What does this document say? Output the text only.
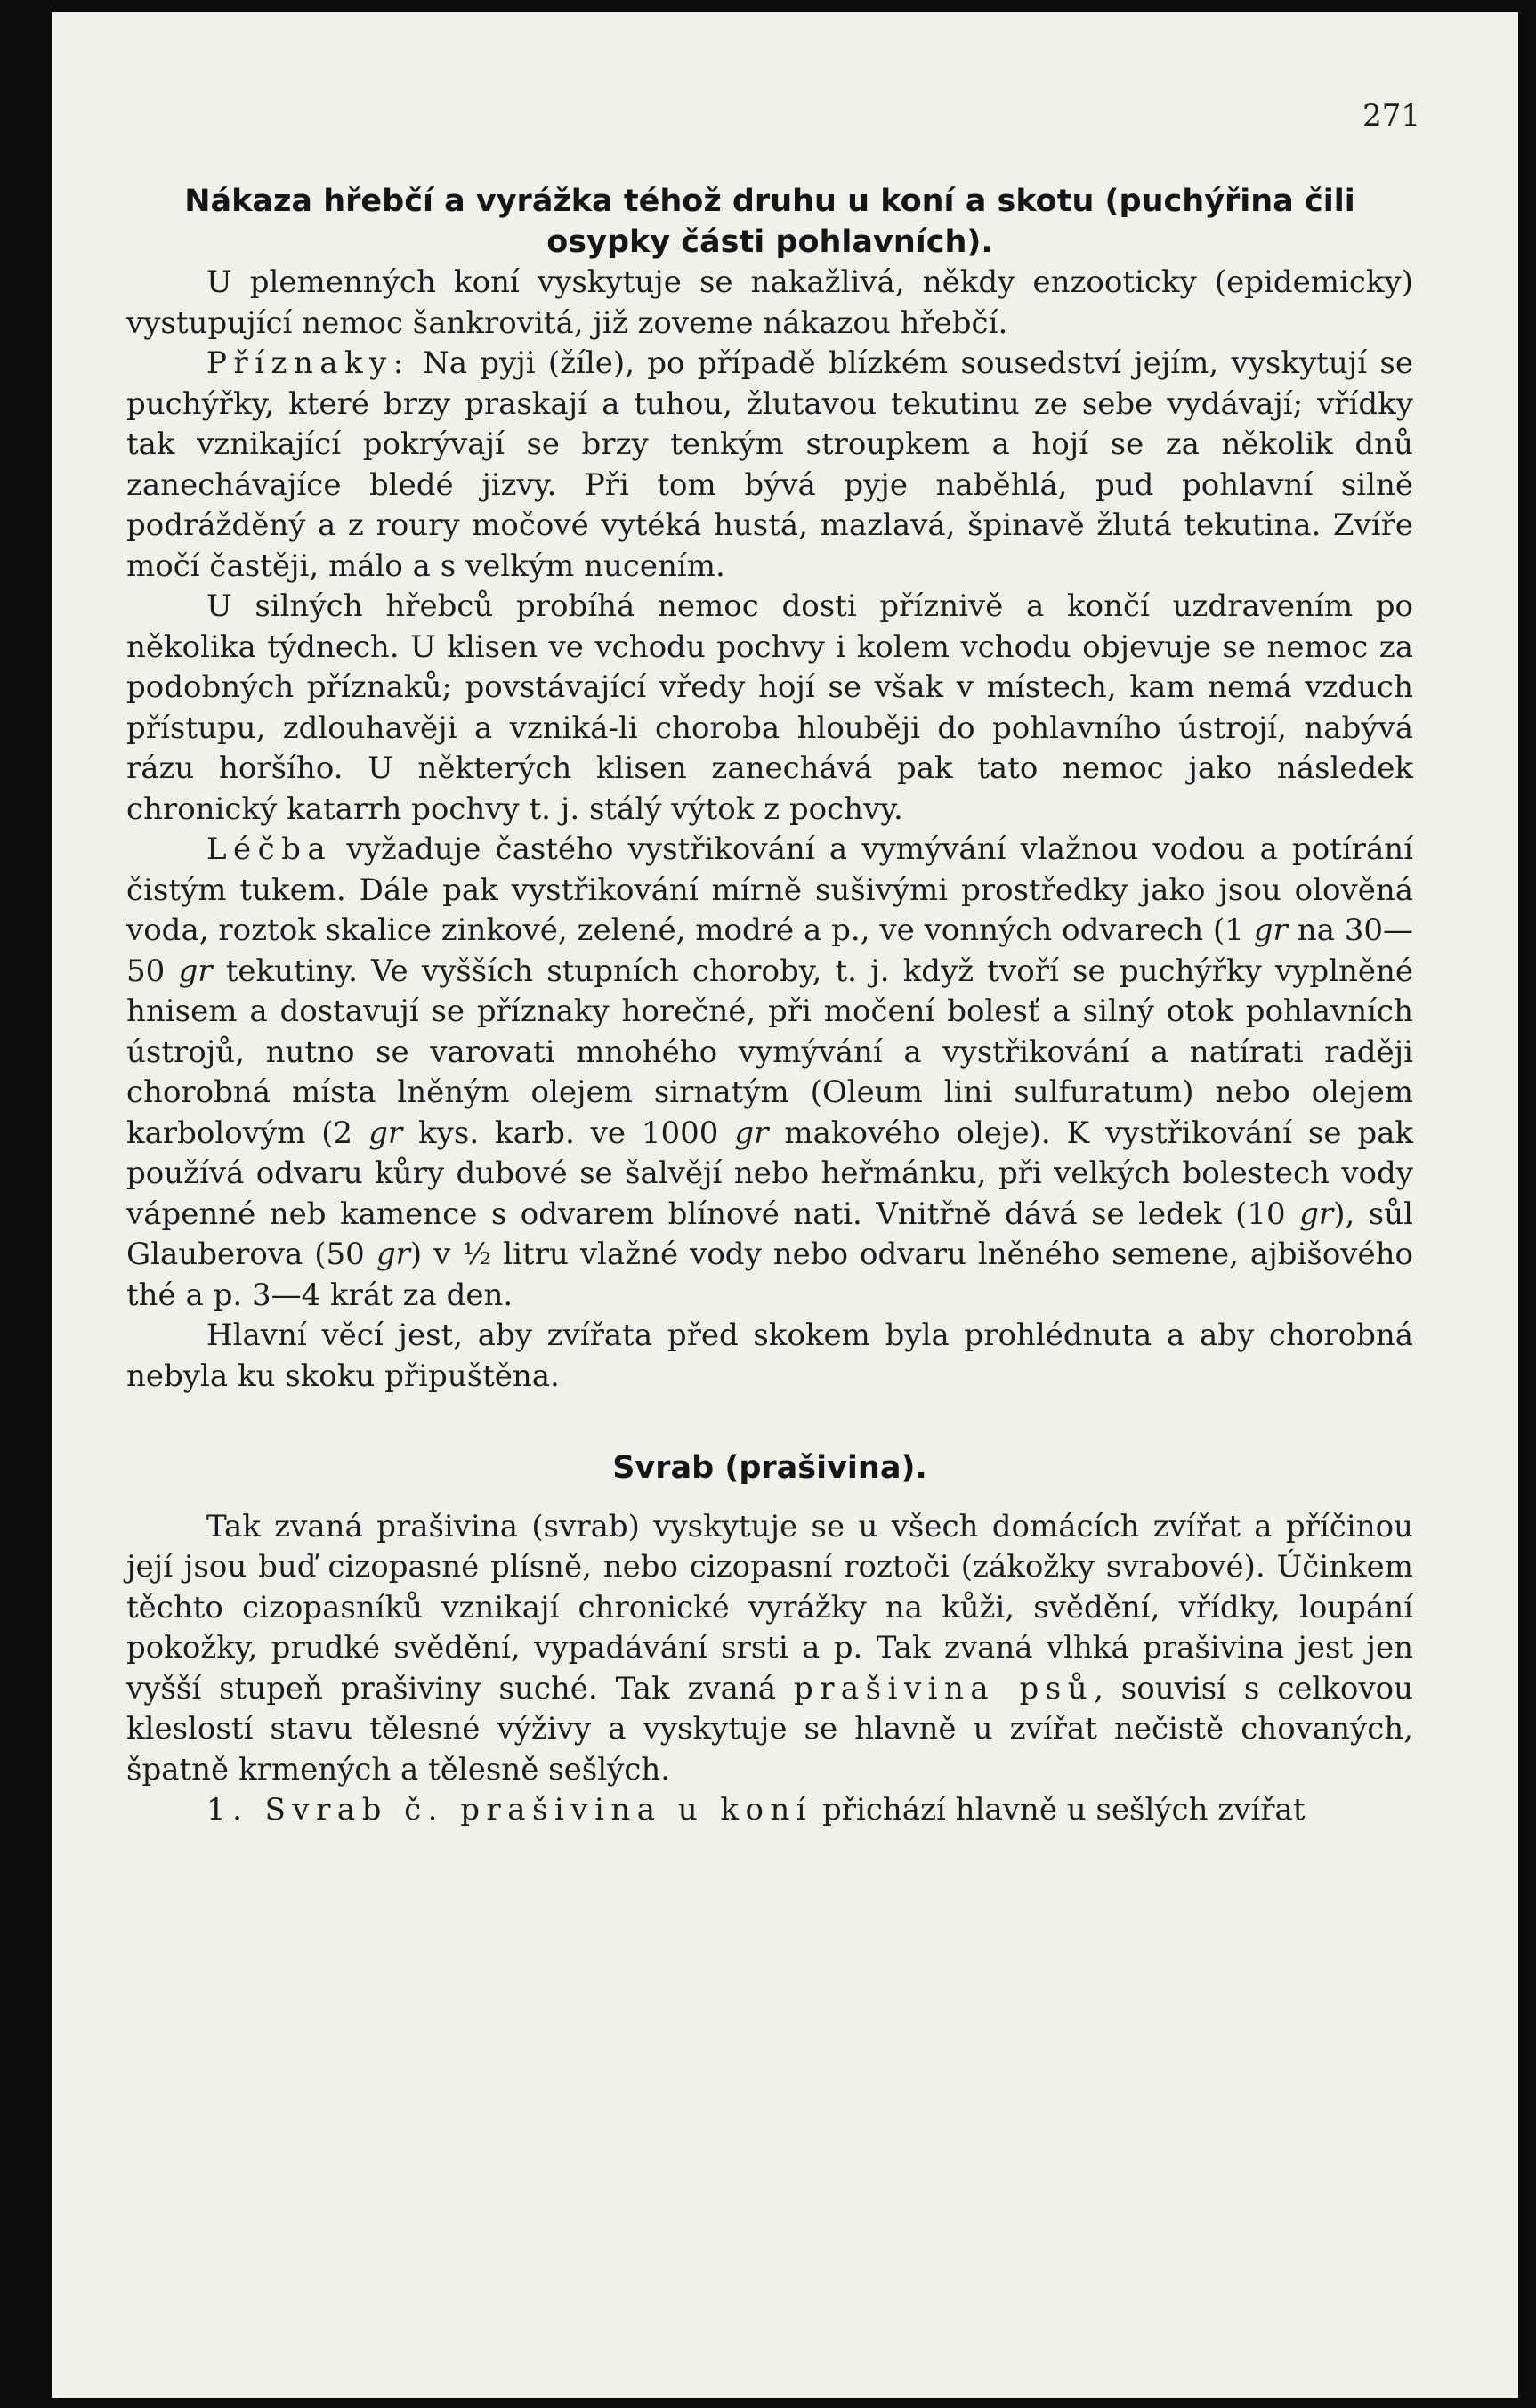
271
Nákaza hřebčí a vyrážka téhož druhu u koní a skotu (puchýřina čili osypky části pohlavních).

U plemenných koní vyskytuje se nakažlivá, někdy enzooticky (epidemicky) vystupující nemoc šankrovitá, již zoveme nákazou hřebčí.

Příznaky: Na pyji (žíle), po případě blízkém sousedství jejím, vyskytují se puchýřky, které brzy praskají a tuhou, žlutavou tekutinu ze sebe vydávají; vřídky tak vznikající pokrývají se brzy tenkým stroupkem a hojí se za několik dnů zanechávajíce bledé jizvy. Při tom bývá pyje naběhlá, pud pohlavní silně podrážděný a z roury močové vytéká hustá, mazlavá, špinavě žlutá tekutina. Zvíře močí častěji, málo a s velkým nucením.

U silných hřebců probíhá nemoc dosti příznivě a končí uzdravením po několika týdnech. U klisen ve vchodu pochvy i kolem vchodu objevuje se nemoc za podobných příznaků; povstávající vředy hojí se však v místech, kam nemá vzduch přístupu, zdlouhavěji a vzniká-li choroba hlouběji do pohlavního ústrojí, nabývá rázu horšího. U některých klisen zanechává pak tato nemoc jako následek chronický katarrh pochvy t. j. stálý výtok z pochvy.

Léčba vyžaduje častého vystřikování a vymývání vlažnou vodou a potírání čistým tukem. Dále pak vystřikování mírně sušivými prostředky jako jsou olověná voda, roztok skalice zinkové, zelené, modré a p., ve vonných odvarech (1 gr na 30—50 gr tekutiny. Ve vyšších stupních choroby, t. j. když tvoří se puchýřky vyplněné hnisem a dostavují se příznaky horečné, při močení bolesť a silný otok pohlavních ústrojů, nutno se varovati mnohého vymývání a vystřikování a natírati raději chorobná místa lněným olejem sirnatým (Oleum lini sulfuratum) nebo olejem karbolovým (2 gr kys. karb. ve 1000 gr makového oleje). K vystřikování se pak používá odvaru kůry dubové se šalvějí nebo heřmánku, při velkých bolestech vody vápenné neb kamence s odvarem blínové nati. Vnitřně dává se ledek (10 gr), sůl Glauberova (50 gr) v ½ litru vlažné vody nebo odvaru lněného semene, ajbišového thé a p. 3—4 krát za den.

Hlavní věcí jest, aby zvířata před skokem byla prohlédnuta a aby chorobná nebyla ku skoku připuštěna.

Svrab (prašivina).

Tak zvaná prašivina (svrab) vyskytuje se u všech domácích zvířat a příčinou její jsou buď cizopasné plísně, nebo cizopasní roztoči (zákožky svrabové). Účinkem těchto cizopasníků vznikají chronické vyrážky na kůži, svědění, vřídky, loupání pokožky, prudké svědění, vypadávání srsti a p. Tak zvaná vlhká prašivina jest jen vyšší stupeň prašiviny suché. Tak zvaná prašivina psů, souvisí s celkovou kleslostí stavu tělesné výživy a vyskytuje se hlavně u zvířat nečistě chovaných, špatně krmených a tělesně sešlých.

1. Svrab č. prašivina u koní přichází hlavně u sešlých zvířat
